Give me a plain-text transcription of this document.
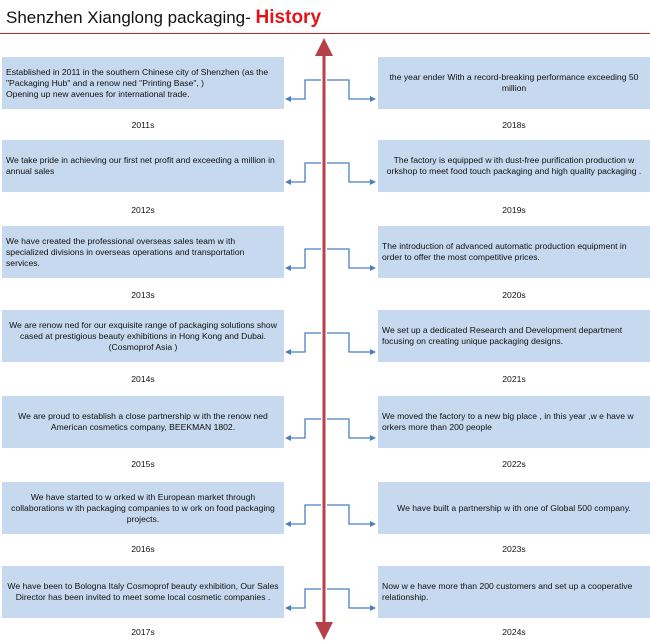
Shenzhen Xianglong packaging- History
Established in 2011 in the southern Chinese city of Shenzhen (as the "Packaging Hub" and a renow ned "Printing Base", )
Opening up new avenues for international trade.
2011s
We take pride in achieving our first net profit and exceeding a million in annual sales
2012s
We have created the professional overseas sales team w ith specialized divisions in overseas operations and transportation services.
2013s
We are renow ned for our exquisite range of packaging solutions show cased at prestigious beauty exhibitions in Hong Kong and Dubai.(Cosmoprof Asia )
2014s
We are proud to establish a close partnership w ith the renow ned American cosmetics company, BEEKMAN 1802.
2015s
We have started to w orked w ith European market through collaborations w ith packaging companies to w ork on food packaging projects.
2016s
We have been to Bologna Italy Cosmoprof beauty exhibition, Our Sales Director has been invited to meet some local cosmetic companies .
2017s
the year ender With a record-breaking performance exceeding 50 million
2018s
The factory is equipped w ith dust-free purification production w orkshop to meet food touch packaging and high quality packaging .
2019s
The introduction of advanced automatic production equipment in order to offer the most competitive prices.
2020s
We set up a dedicated Research and Development department focusing on creating unique packaging designs.
2021s
We moved the factory to a new big place , in this year ,w e have w orkers more than 200 people
2022s
We have built a partnership w ith one of Global 500 company.
2023s
Now w e have more than 200 customers and set up a cooperative relationship.
2024s
